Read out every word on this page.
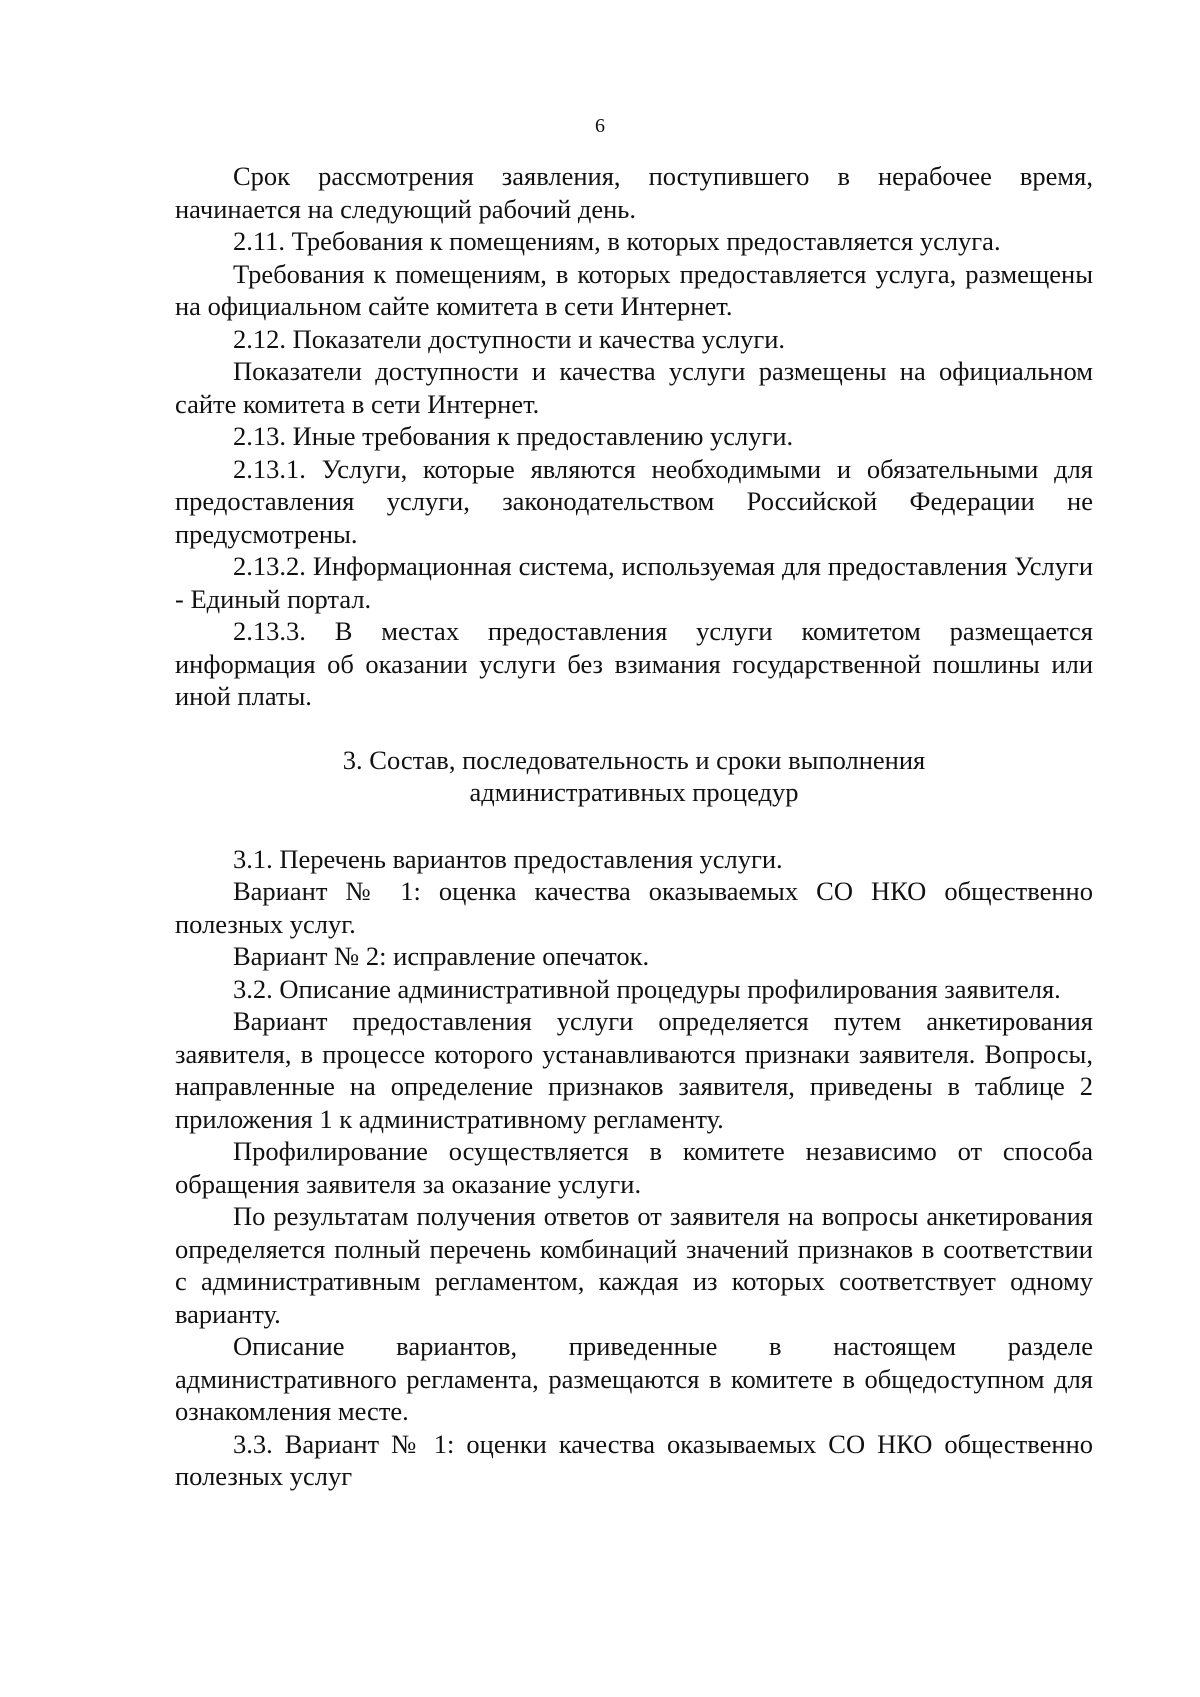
6

Срок рассмотрения заявления, поступившего в нерабочее время, начинается на следующий рабочий день.

2.11. Требования к помещениям, в которых предоставляется услуга.

Требования к помещениям, в которых предоставляется услуга, размещены на официальном сайте комитета в сети Интернет.

2.12. Показатели доступности и качества услуги.

Показатели доступности и качества услуги размещены на официальном сайте комитета в сети Интернет.

2.13. Иные требования к предоставлению услуги.

2.13.1. Услуги, которые являются необходимыми и обязательными для предоставления услуги, законодательством Российской Федерации не предусмотрены.

2.13.2. Информационная система, используемая для предоставления Услуги - Единый портал.

2.13.3. В местах предоставления услуги комитетом размещается информация об оказании услуги без взимания государственной пошлины или иной платы.

3. Состав, последовательность и сроки выполнения
административных процедур

3.1. Перечень вариантов предоставления услуги.

Вариант № 1: оценка качества оказываемых СО НКО общественно полезных услуг.

Вариант № 2: исправление опечаток.

3.2. Описание административной процедуры профилирования заявителя.

Вариант предоставления услуги определяется путем анкетирования заявителя, в процессе которого устанавливаются признаки заявителя. Вопросы, направленные на определение признаков заявителя, приведены в таблице 2 приложения 1 к административному регламенту.

Профилирование осуществляется в комитете независимо от способа обращения заявителя за оказание услуги.

По результатам получения ответов от заявителя на вопросы анкетирования определяется полный перечень комбинаций значений признаков в соответствии с административным регламентом, каждая из которых соответствует одному варианту.

Описание вариантов, приведенные в настоящем разделе административного регламента, размещаются в комитете в общедоступном для ознакомления месте.

3.3. Вариант № 1: оценки качества оказываемых СО НКО общественно полезных услуг
